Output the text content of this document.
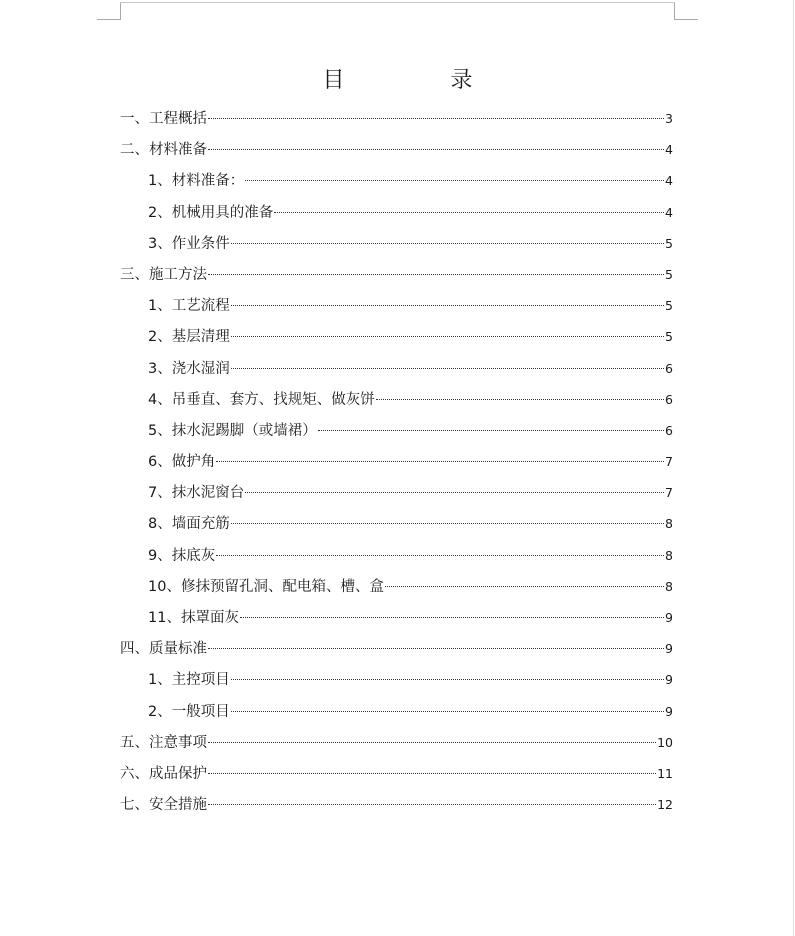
目　录
一、工程概括	3
二、材料准备	4
1、材料准备：	4
2、机械用具的准备	4
3、作业条件	5
三、施工方法	5
1、工艺流程	5
2、基层清理	5
3、浇水湿润	6
4、吊垂直、套方、找规矩、做灰饼	6
5、抹水泥踢脚（或墙裙）	6
6、做护角	7
7、抹水泥窗台	7
8、墙面充筋	8
9、抹底灰	8
10、修抹预留孔洞、配电箱、槽、盒	8
11、抹罩面灰	9
四、质量标准	9
1、主控项目	9
2、一般项目	9
五、注意事项	10
六、成品保护	11
七、安全措施	12
